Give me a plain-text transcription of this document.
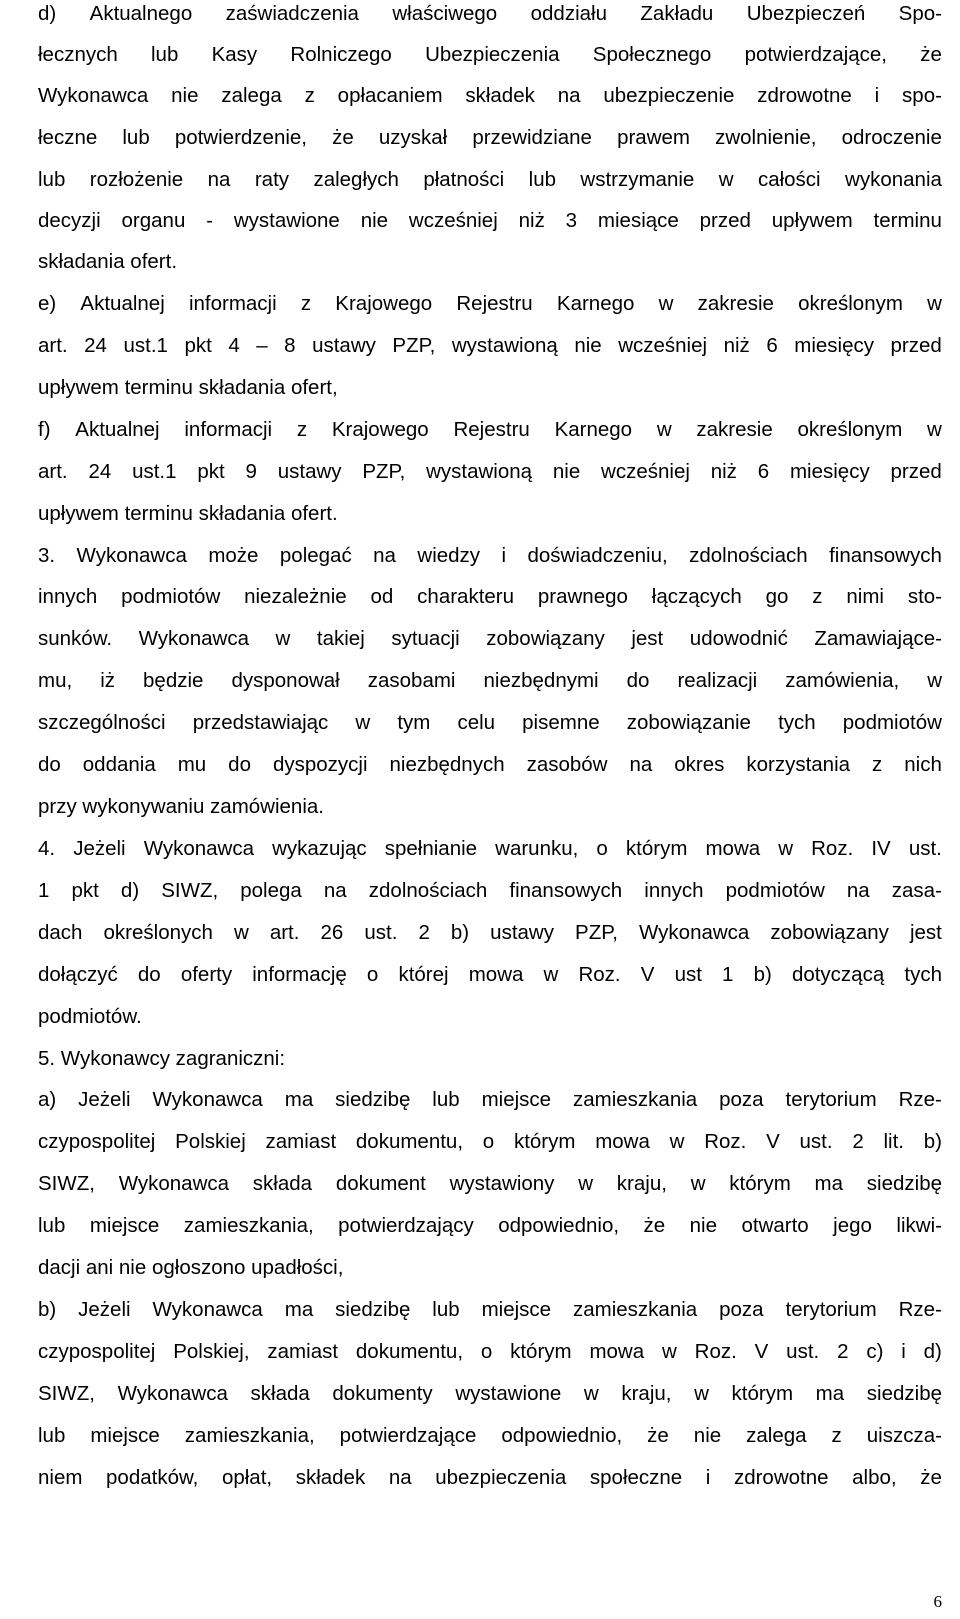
d) Aktualnego zaświadczenia właściwego oddziału Zakładu Ubezpieczeń Spo-
łecznych lub Kasy Rolniczego Ubezpieczenia Społecznego potwierdzające, że
Wykonawca nie zalega z opłacaniem składek na ubezpieczenie zdrowotne i spo-
łeczne lub potwierdzenie, że uzyskał przewidziane prawem zwolnienie, odroczenie
lub rozłożenie na raty zaległych płatności lub wstrzymanie w całości wykonania
decyzji organu - wystawione nie wcześniej niż 3 miesiące przed upływem terminu
składania ofert.
e) Aktualnej informacji z Krajowego Rejestru Karnego w zakresie określonym w
art. 24 ust.1 pkt 4 – 8 ustawy PZP, wystawioną nie wcześniej niż 6 miesięcy przed
upływem terminu składania ofert,
f) Aktualnej informacji z Krajowego Rejestru Karnego w zakresie określonym w
art. 24 ust.1 pkt 9 ustawy PZP, wystawioną nie wcześniej niż 6 miesięcy przed
upływem terminu składania ofert.
3. Wykonawca może polegać na wiedzy i doświadczeniu, zdolnościach finansowych
innych podmiotów niezależnie od charakteru prawnego łączących go z nimi sto-
sunków. Wykonawca w takiej sytuacji zobowiązany jest udowodnić Zamawiające-
mu, iż będzie dysponował zasobami niezbędnymi do realizacji zamówienia, w
szczególności przedstawiając w tym celu pisemne zobowiązanie tych podmiotów
do oddania mu do dyspozycji niezbędnych zasobów na okres korzystania z nich
przy wykonywaniu zamówienia.
4. Jeżeli Wykonawca wykazując spełnianie warunku, o którym mowa w Roz. IV ust.
1 pkt d) SIWZ, polega na zdolnościach finansowych innych podmiotów na zasa-
dach określonych w art. 26 ust. 2 b) ustawy PZP, Wykonawca zobowiązany jest
dołączyć do oferty informację o której mowa w Roz. V ust 1 b) dotyczącą tych
podmiotów.
5. Wykonawcy zagraniczni:
a) Jeżeli Wykonawca ma siedzibę lub miejsce zamieszkania poza terytorium Rze-
czypospolitej Polskiej zamiast dokumentu, o którym mowa w Roz. V ust. 2 lit. b)
SIWZ, Wykonawca składa dokument wystawiony w kraju, w którym ma siedzibę
lub miejsce zamieszkania, potwierdzający odpowiednio, że nie otwarto jego likwi-
dacji ani nie ogłoszono upadłości,
b) Jeżeli Wykonawca ma siedzibę lub miejsce zamieszkania poza terytorium Rze-
czypospolitej Polskiej, zamiast dokumentu, o którym mowa w Roz. V ust. 2 c) i d)
SIWZ, Wykonawca składa dokumenty wystawione w kraju, w którym ma siedzibę
lub miejsce zamieszkania, potwierdzające odpowiednio, że nie zalega z uiszcza-
niem podatków, opłat, składek na ubezpieczenia społeczne i zdrowotne albo, że
6
